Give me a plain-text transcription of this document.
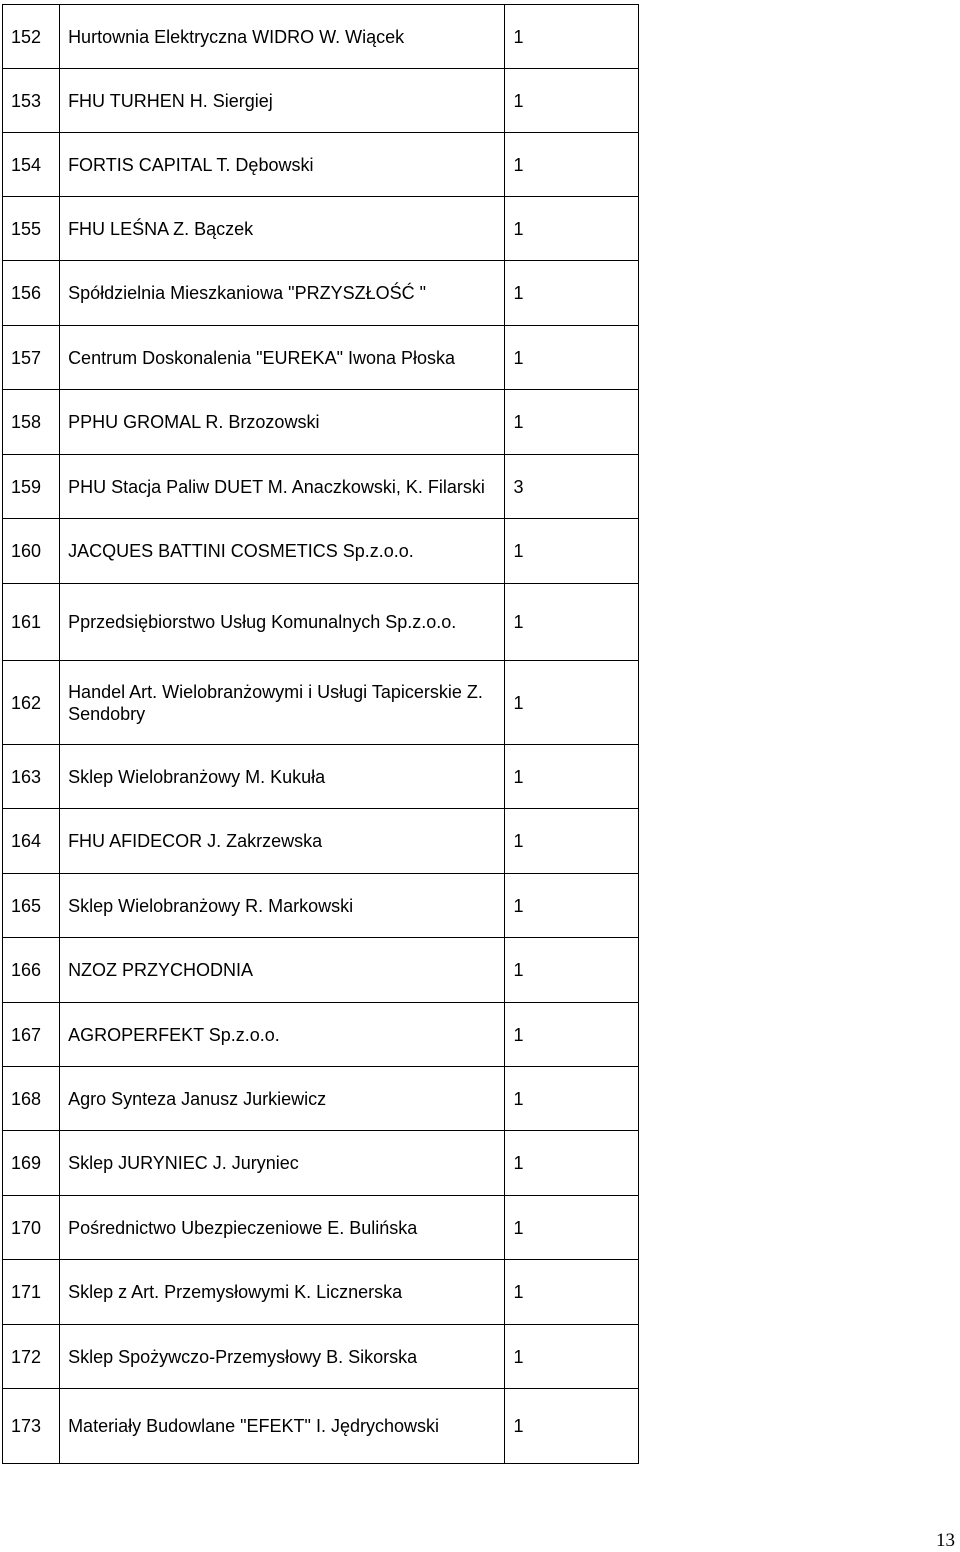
152	Hurtownia Elektryczna WIDRO W. Wiącek	1
153	FHU TURHEN H. Siergiej	1
154	FORTIS CAPITAL T. Dębowski	1
155	FHU LEŚNA Z. Bączek	1
156	Spółdzielnia Mieszkaniowa "PRZYSZŁOŚĆ "	1
157	Centrum Doskonalenia "EUREKA" Iwona Płoska	1
158	PPHU GROMAL R. Brzozowski	1
159	PHU Stacja Paliw DUET M. Anaczkowski, K. Filarski	3
160	JACQUES BATTINI COSMETICS Sp.z.o.o.	1
161	Pprzedsiębiorstwo Usług Komunalnych Sp.z.o.o.	1
162	Handel Art. Wielobranżowymi i Usługi Tapicerskie Z. Sendobry	1
163	Sklep Wielobranżowy M. Kukuła	1
164	FHU AFIDECOR J. Zakrzewska	1
165	Sklep Wielobranżowy R. Markowski	1
166	NZOZ PRZYCHODNIA	1
167	AGROPERFEKT Sp.z.o.o.	1
168	Agro Synteza Janusz Jurkiewicz	1
169	Sklep JURYNIEC J. Juryniec	1
170	Pośrednictwo Ubezpieczeniowe E. Bulińska	1
171	Sklep z Art. Przemysłowymi K. Licznerska	1
172	Sklep Spożywczo-Przemysłowy B. Sikorska	1
173	Materiały Budowlane "EFEKT" I. Jędrychowski	1
13
